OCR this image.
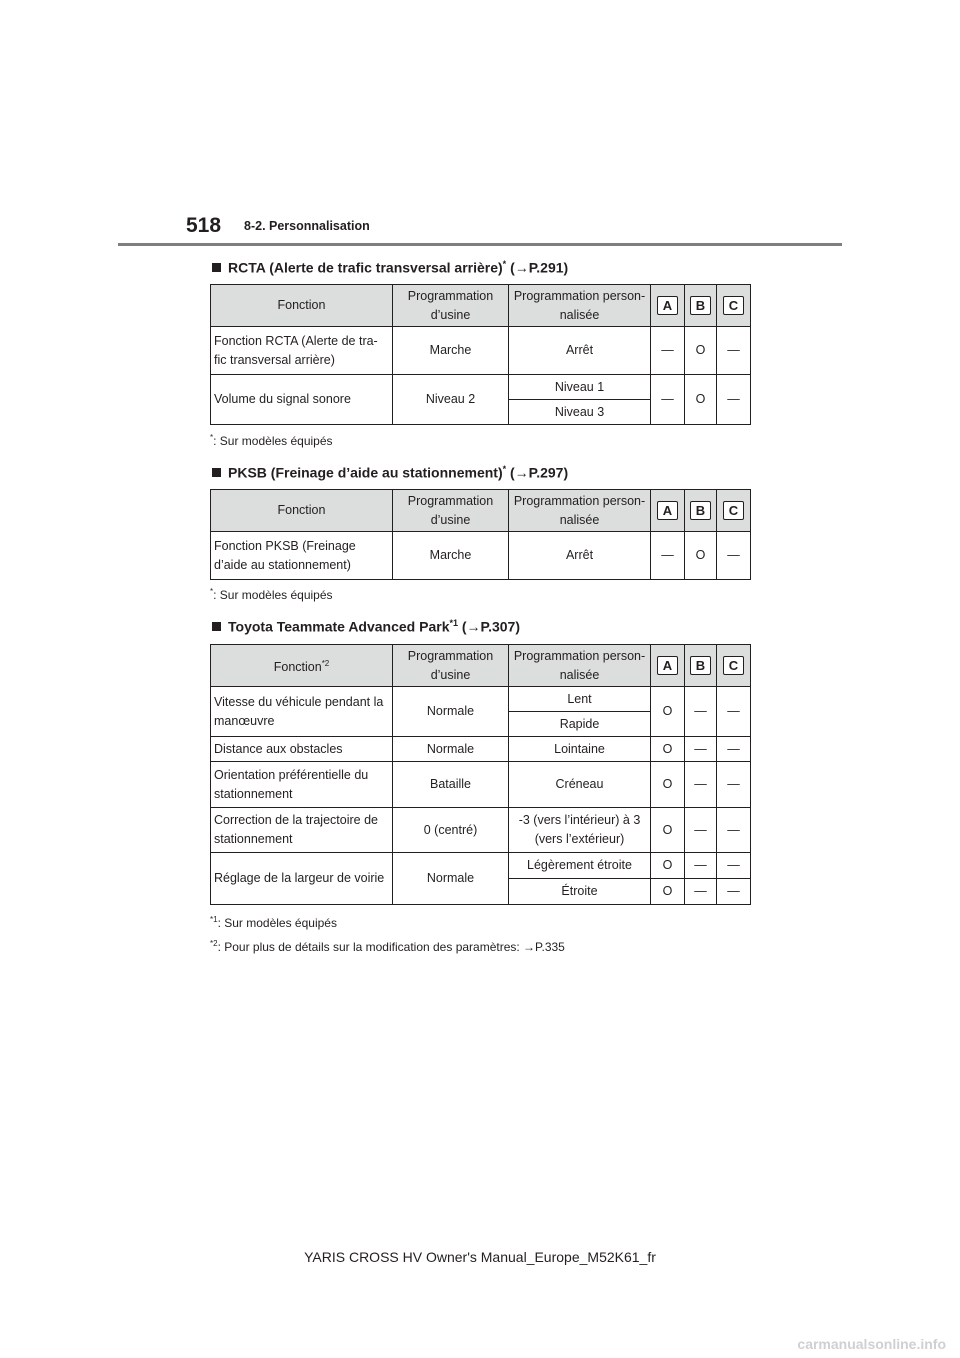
518 8-2. Personnalisation
RCTA (Alerte de trafic transversal arrière)* (→P.291)
Fonction	Programmation d’usine	Programmation person-nalisée	A	B	C
Fonction RCTA (Alerte de tra-fic transversal arrière)	Marche	Arrêt	—	O	—
Volume du signal sonore	Niveau 2	Niveau 1	—	O	—
		Niveau 3			
*: Sur modèles équipés
PKSB (Freinage d’aide au stationnement)* (→P.297)
Fonction	Programmation d’usine	Programmation person-nalisée	A	B	C
Fonction PKSB (Freinage d’aide au stationnement)	Marche	Arrêt	—	O	—
*: Sur modèles équipés
Toyota Teammate Advanced Park$^{*1}$ (→P.307)
Fonction$^{*2}$	Programmation d’usine	Programmation person-nalisée	A	B	C
Vitesse du véhicule pendant la manœuvre	Normale	Lent	O	—	—
		Rapide			
Distance aux obstacles	Normale	Lointaine	O	—	—
Orientation préférentielle du stationnement	Bataille	Créneau	O	—	—
Correction de la trajectoire de stationnement	0 (centré)	-3 (vers l’intérieur) à 3 (vers l’extérieur)	O	—	—
Réglage de la largeur de voirie	Normale	Légèrement étroite	O	—	—
		Étroite	O	—	—
$^{*1}$: Sur modèles équipés
$^{*2}$: Pour plus de détails sur la modification des paramètres: →P.335
YARIS CROSS HV Owner's Manual_Europe_M52K61_fr
carmanualsonline.info
